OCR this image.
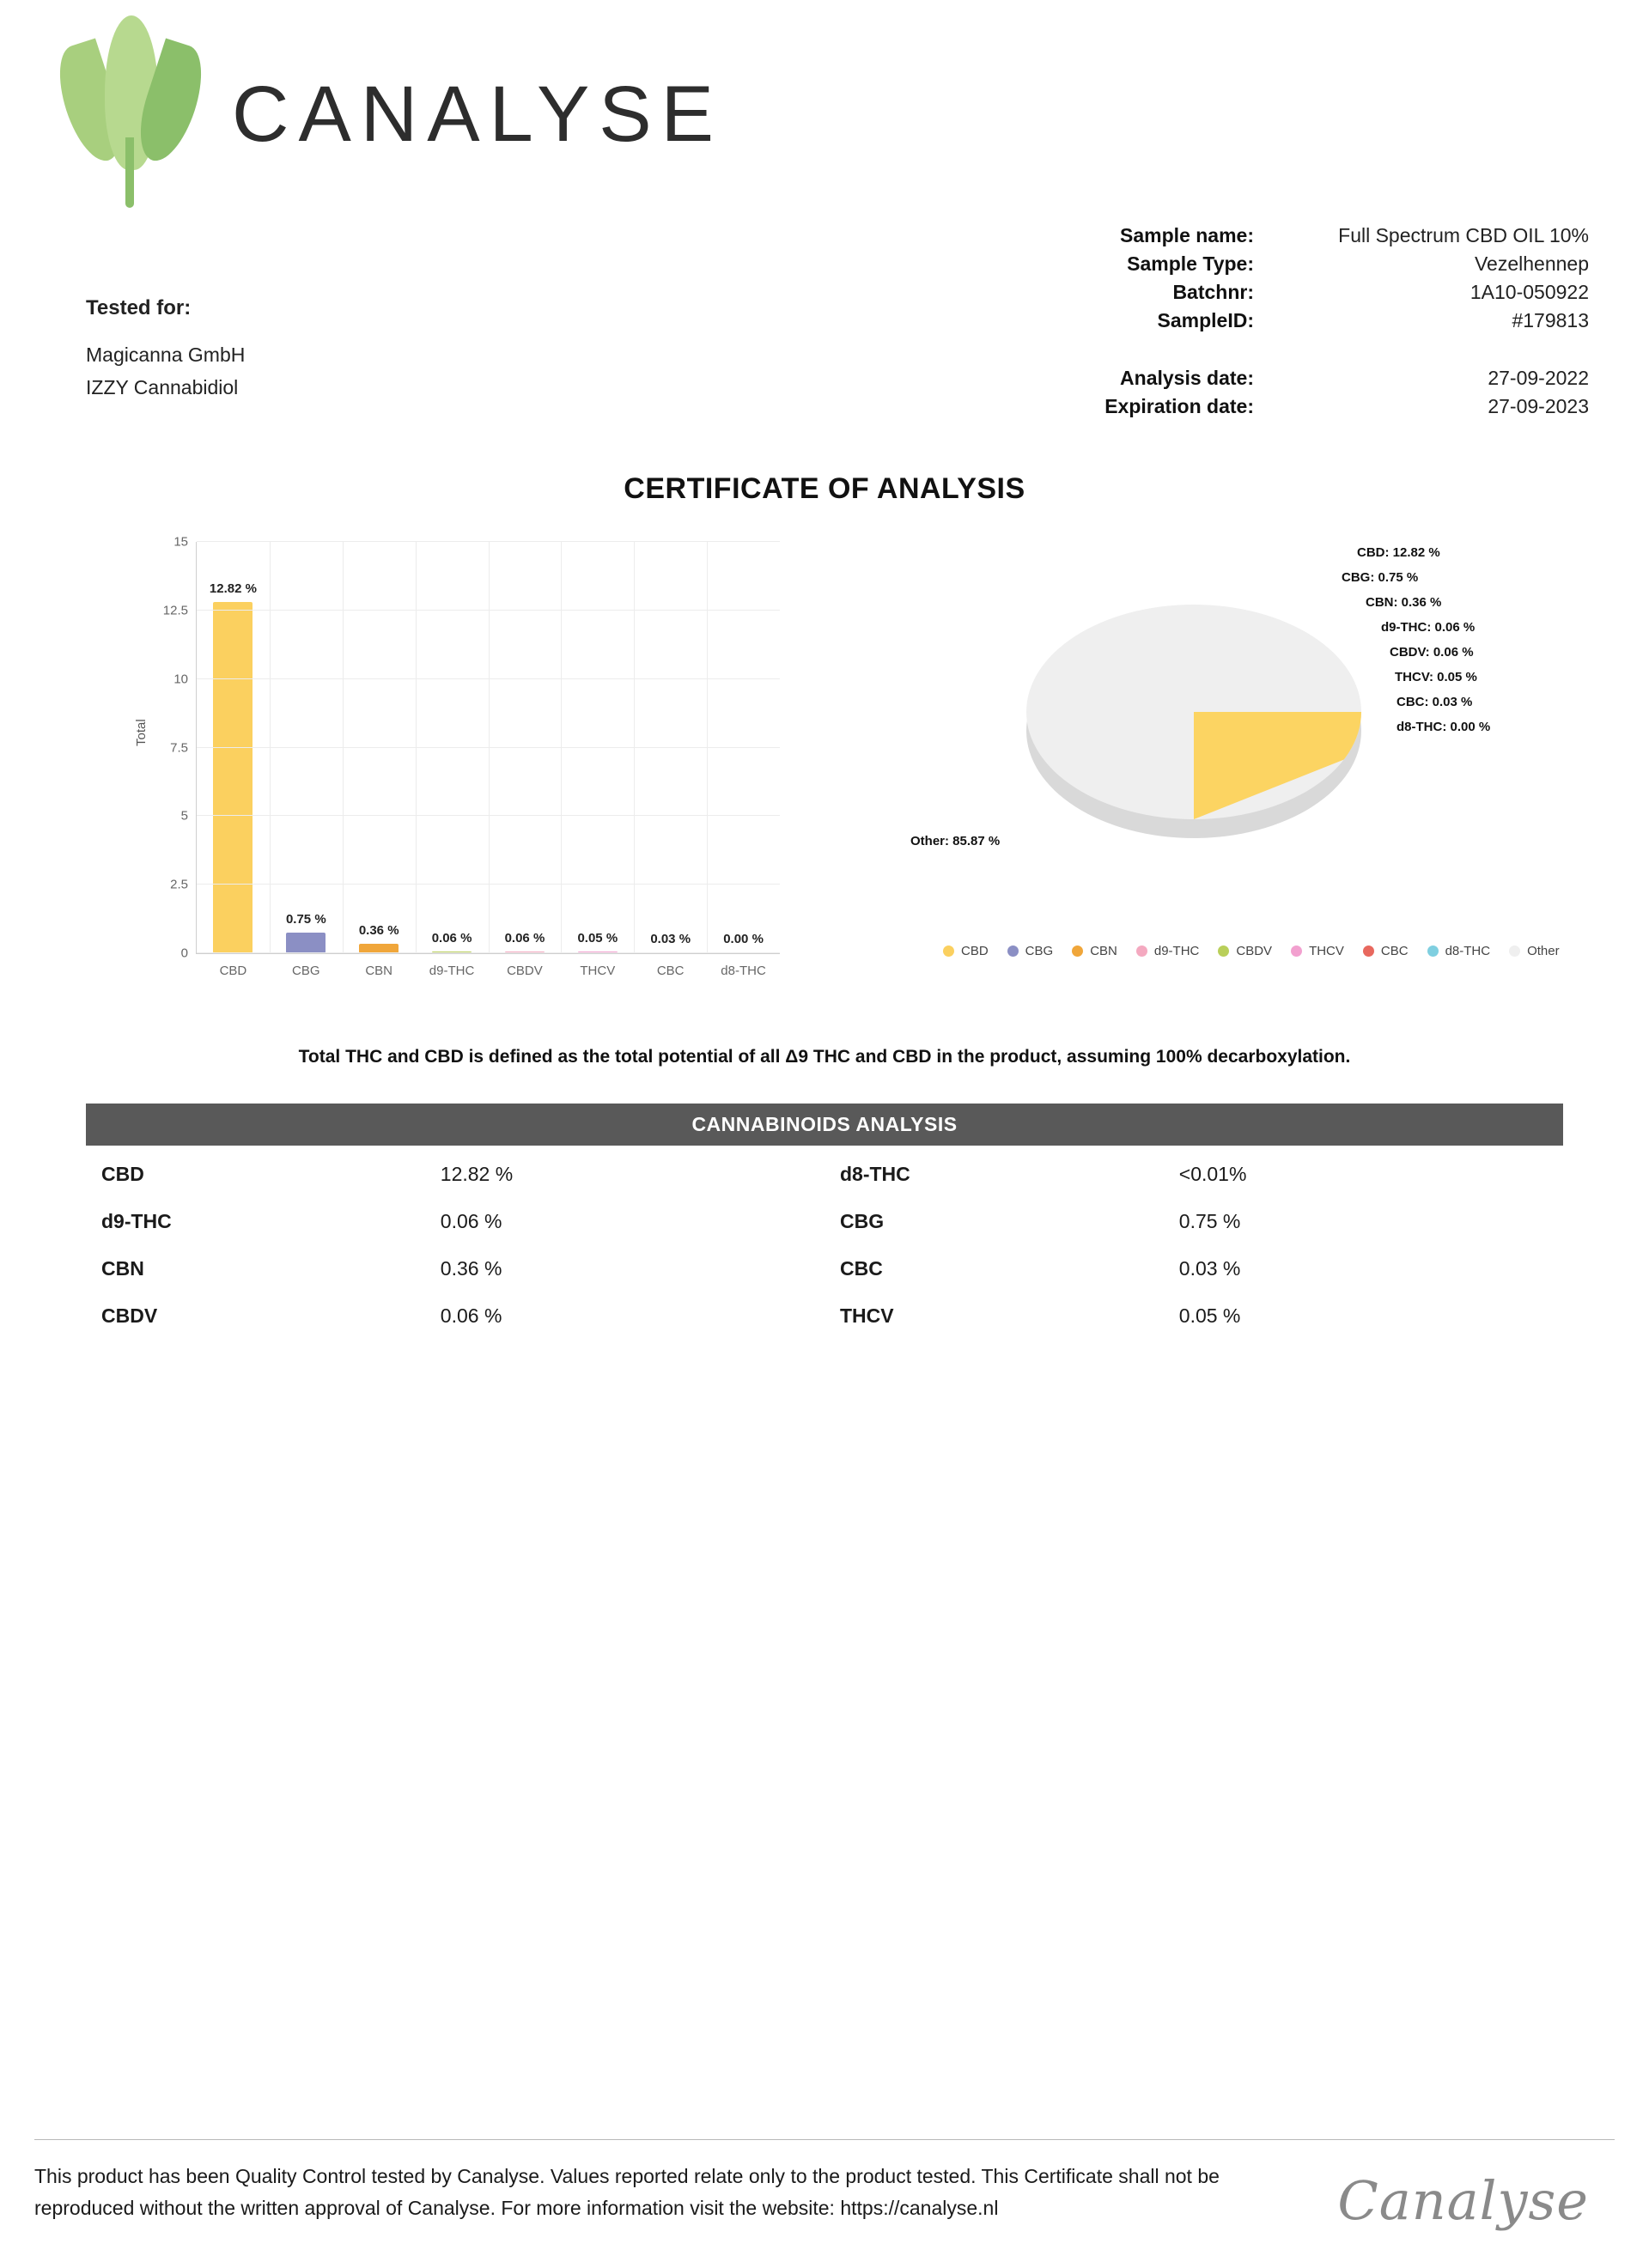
CANALYSE
Tested for:
Magicanna GmbH
IZZY Cannabidiol
Sample name:	Full Spectrum CBD OIL 10%
Sample Type:	Vezelhennep
Batchnr:	1A10-050922
SampleID:	#179813

Analysis date:	27-09-2022
Expiration date:	27-09-2023
CERTIFICATE OF ANALYSIS
Total
12.82 %
CBD
0.75 %
CBG
0.36 %
CBN
0.06 %
d9-THC
0.06 %
CBDV
0.05 %
THCV
0.03 %
CBC
0.00 %
d8-THC
0
2.5
5
7.5
10
12.5
15
CBD: 12.82 %
CBG: 0.75 %
CBN: 0.36 %
d9-THC: 0.06 %
CBDV: 0.06 %
THCV: 0.05 %
CBC: 0.03 %
d8-THC: 0.00 %
Other: 85.87 %
CBD	CBG	CBN	d9-THC	CBDV	THCV	CBC	d8-THC	Other
Total THC and CBD is defined as the total potential of all Δ9 THC and CBD in the product, assuming 100% decarboxylation.
CANNABINOIDS ANALYSIS
CBD	12.82 %	d8-THC	<0.01%
d9-THC	0.06 %	CBG	0.75 %
CBN	0.36 %	CBC	0.03 %
CBDV	0.06 %	THCV	0.05 %
This product has been Quality Control tested by Canalyse. Values reported relate only to the product tested. This Certificate shall not be reproduced without the written approval of Canalyse. For more information visit the website: https://canalyse.nl	Canalyse
